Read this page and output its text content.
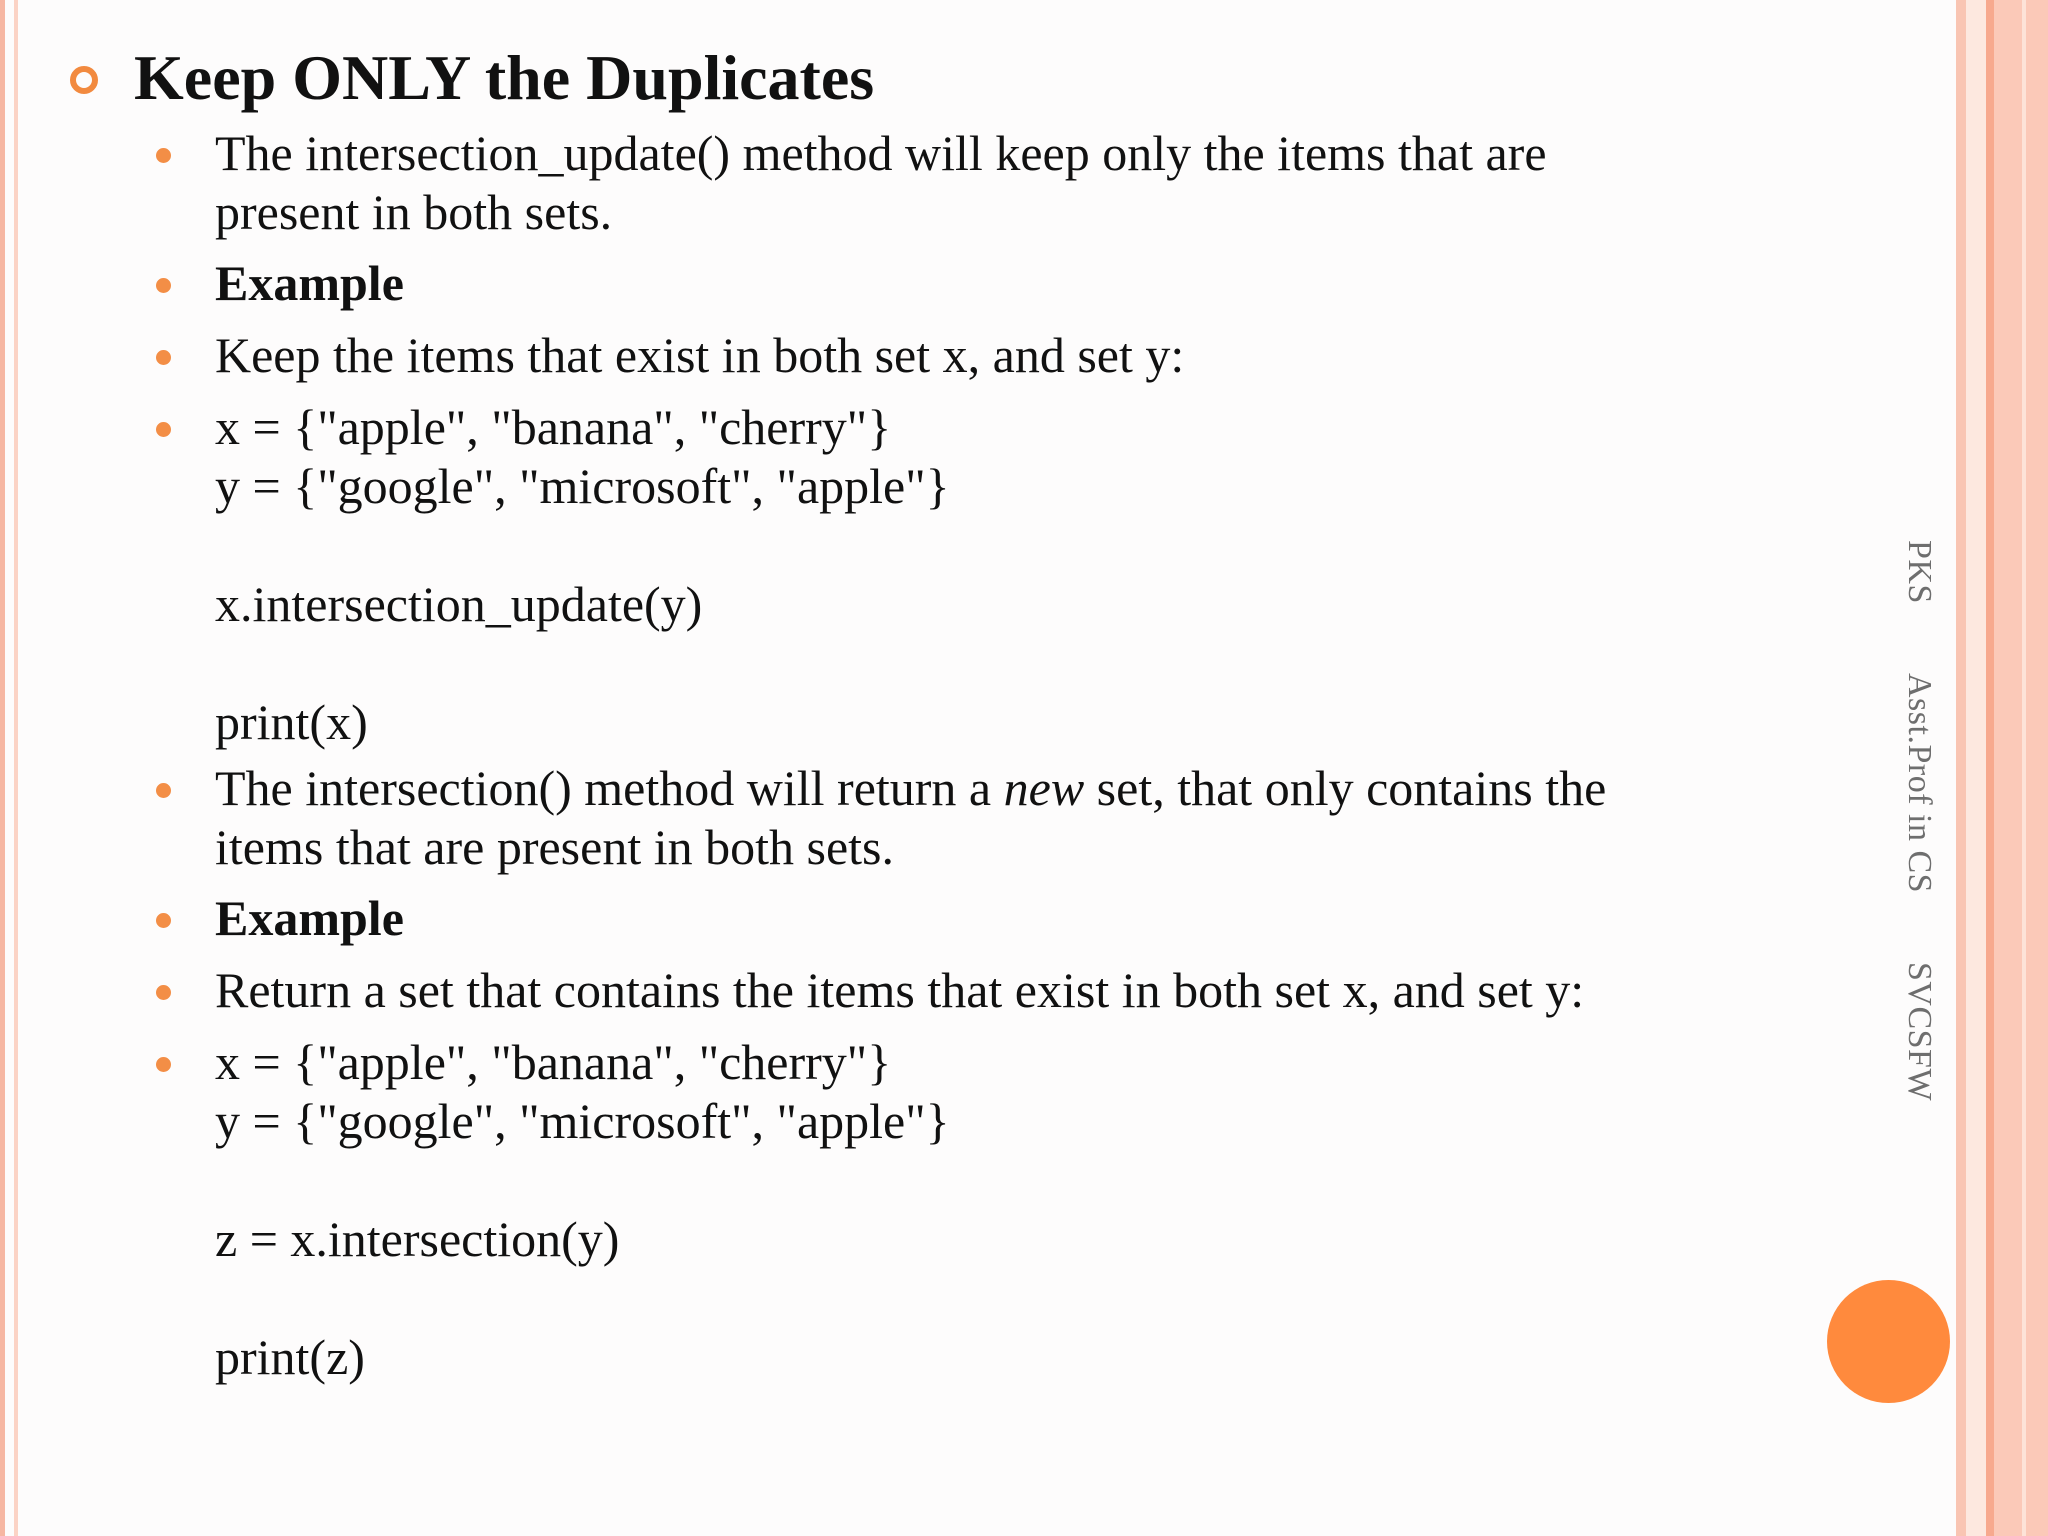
Keep ONLY the Duplicates
The intersection_update() method will keep only the items that are
present in both sets.
Example
Keep the items that exist in both set x, and set y:
x = {"apple", "banana", "cherry"}
y = {"google", "microsoft", "apple"}
x.intersection_update(y)
print(x)
The intersection() method will return a new set, that only contains the
items that are present in both sets.
Example
Return a set that contains the items that exist in both set x, and set y:
x = {"apple", "banana", "cherry"}
y = {"google", "microsoft", "apple"}
z = x.intersection(y)
print(z)
PKS Asst.Prof in CS SVCSFW
